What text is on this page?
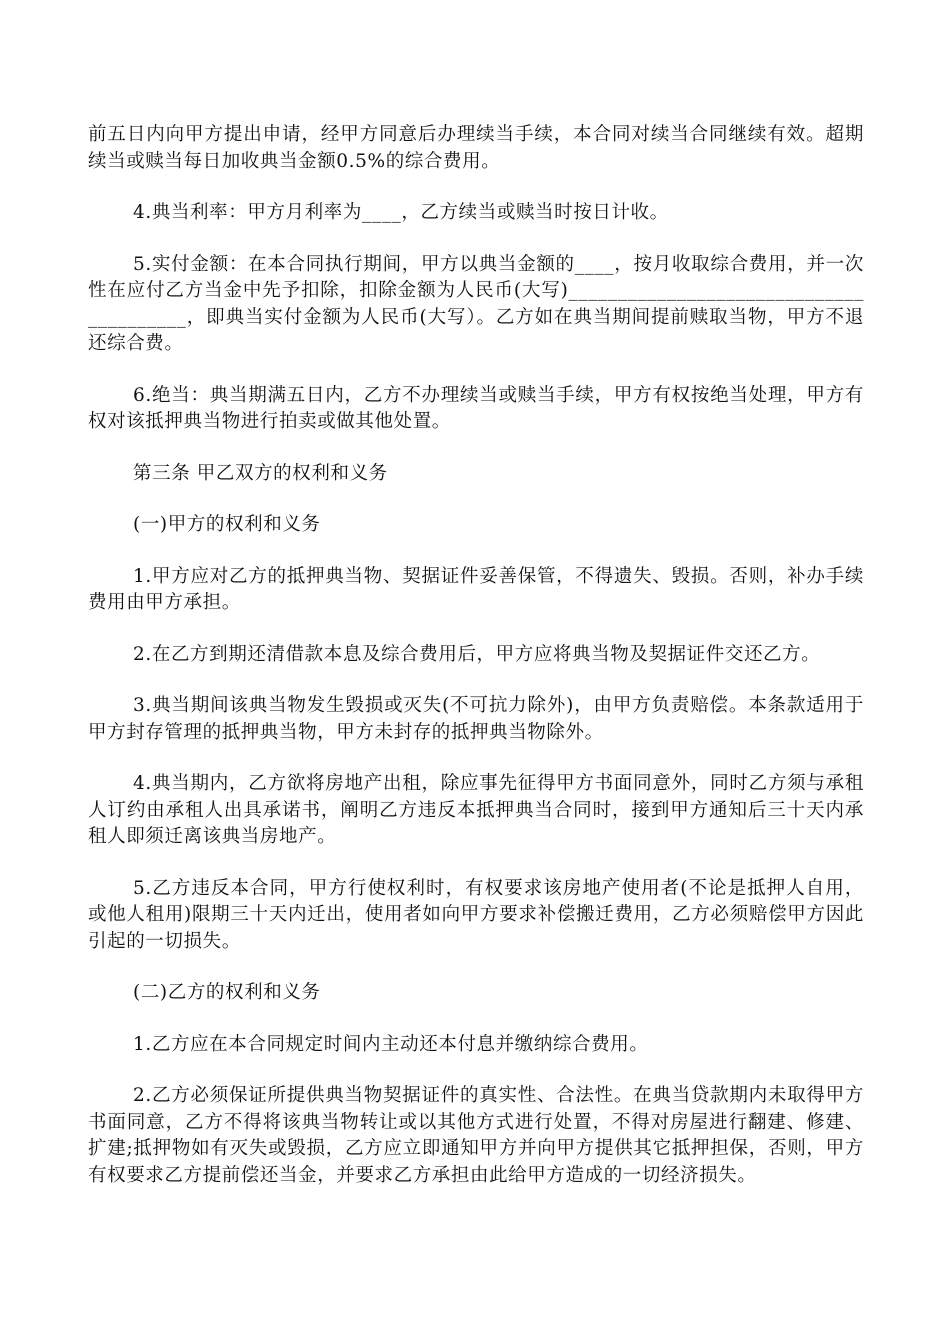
前五日内向甲方提出申请，经甲方同意后办理续当手续，本合同对续当合同继续有效。超期续当或赎当每日加收典当金额0.5%的综合费用。

4.典当利率：甲方月利率为____，乙方续当或赎当时按日计收。

5.实付金额：在本合同执行期间，甲方以典当金额的____，按月收取综合费用，并一次性在应付乙方当金中先予扣除，扣除金额为人民币(大写)________________________________________，即典当实付金额为人民币(大写）。乙方如在典当期间提前赎取当物，甲方不退还综合费。

6.绝当：典当期满五日内，乙方不办理续当或赎当手续，甲方有权按绝当处理，甲方有权对该抵押典当物进行拍卖或做其他处置。

第三条 甲乙双方的权利和义务

(一)甲方的权利和义务

1.甲方应对乙方的抵押典当物、契据证件妥善保管，不得遗失、毁损。否则，补办手续费用由甲方承担。

2.在乙方到期还清借款本息及综合费用后，甲方应将典当物及契据证件交还乙方。

3.典当期间该典当物发生毁损或灭失(不可抗力除外)，由甲方负责赔偿。本条款适用于甲方封存管理的抵押典当物，甲方未封存的抵押典当物除外。

4.典当期内，乙方欲将房地产出租，除应事先征得甲方书面同意外，同时乙方须与承租人订约由承租人出具承诺书，阐明乙方违反本抵押典当合同时，接到甲方通知后三十天内承租人即须迁离该典当房地产。

5.乙方违反本合同，甲方行使权利时，有权要求该房地产使用者(不论是抵押人自用，或他人租用)限期三十天内迁出，使用者如向甲方要求补偿搬迁费用，乙方必须赔偿甲方因此引起的一切损失。

(二)乙方的权利和义务

1.乙方应在本合同规定时间内主动还本付息并缴纳综合费用。

2.乙方必须保证所提供典当物契据证件的真实性、合法性。在典当贷款期内未取得甲方书面同意，乙方不得将该典当物转让或以其他方式进行处置，不得对房屋进行翻建、修建、扩建;抵押物如有灭失或毁损，乙方应立即通知甲方并向甲方提供其它抵押担保，否则，甲方有权要求乙方提前偿还当金，并要求乙方承担由此给甲方造成的一切经济损失。
